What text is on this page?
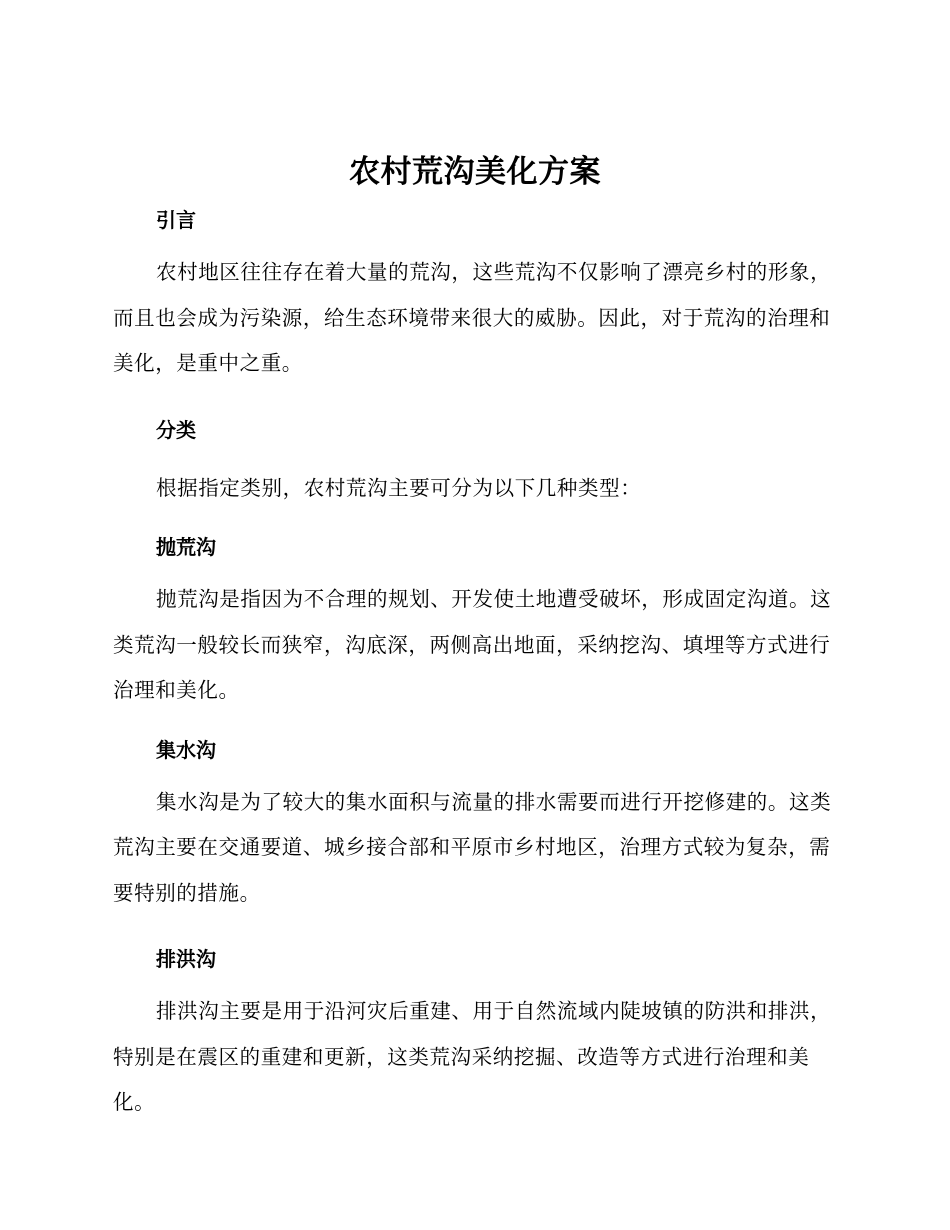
农村荒沟美化方案
引言

农村地区往往存在着大量的荒沟，这些荒沟不仅影响了漂亮乡村的形象，而且也会成为污染源，给生态环境带来很大的威胁。因此，对于荒沟的治理和美化，是重中之重。

分类

根据指定类别，农村荒沟主要可分为以下几种类型：

抛荒沟

抛荒沟是指因为不合理的规划、开发使土地遭受破坏，形成固定沟道。这类荒沟一般较长而狭窄，沟底深，两侧高出地面，采纳挖沟、填埋等方式进行治理和美化。

集水沟

集水沟是为了较大的集水面积与流量的排水需要而进行开挖修建的。这类荒沟主要在交通要道、城乡接合部和平原市乡村地区，治理方式较为复杂，需要特别的措施。

排洪沟

排洪沟主要是用于沿河灾后重建、用于自然流域内陡坡镇的防洪和排洪，特别是在震区的重建和更新，这类荒沟采纳挖掘、改造等方式进行治理和美化。
